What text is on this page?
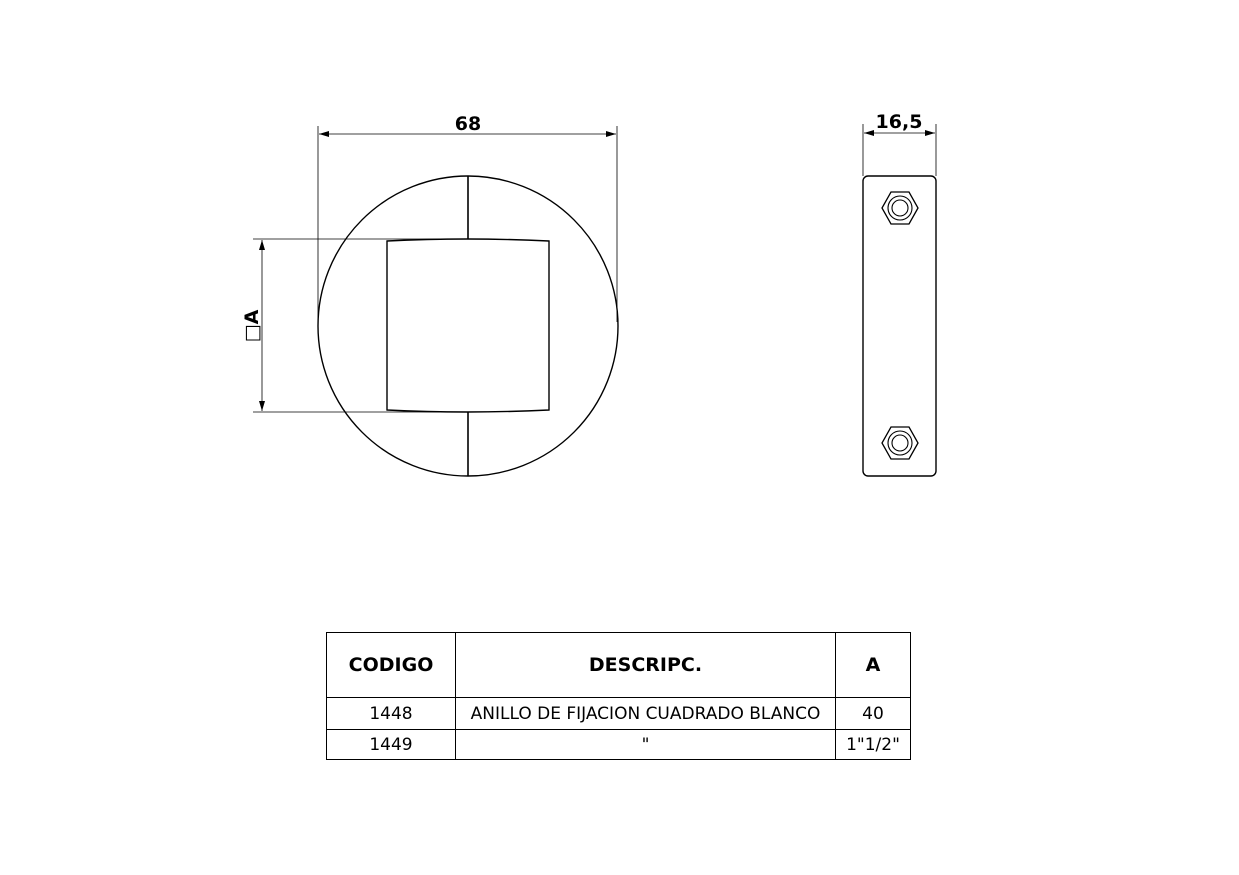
68
□A
16,5
CODIGO	DESCRIPC.	A
1448	ANILLO DE FIJACION CUADRADO BLANCO	40
1449	"	1"1/2"
